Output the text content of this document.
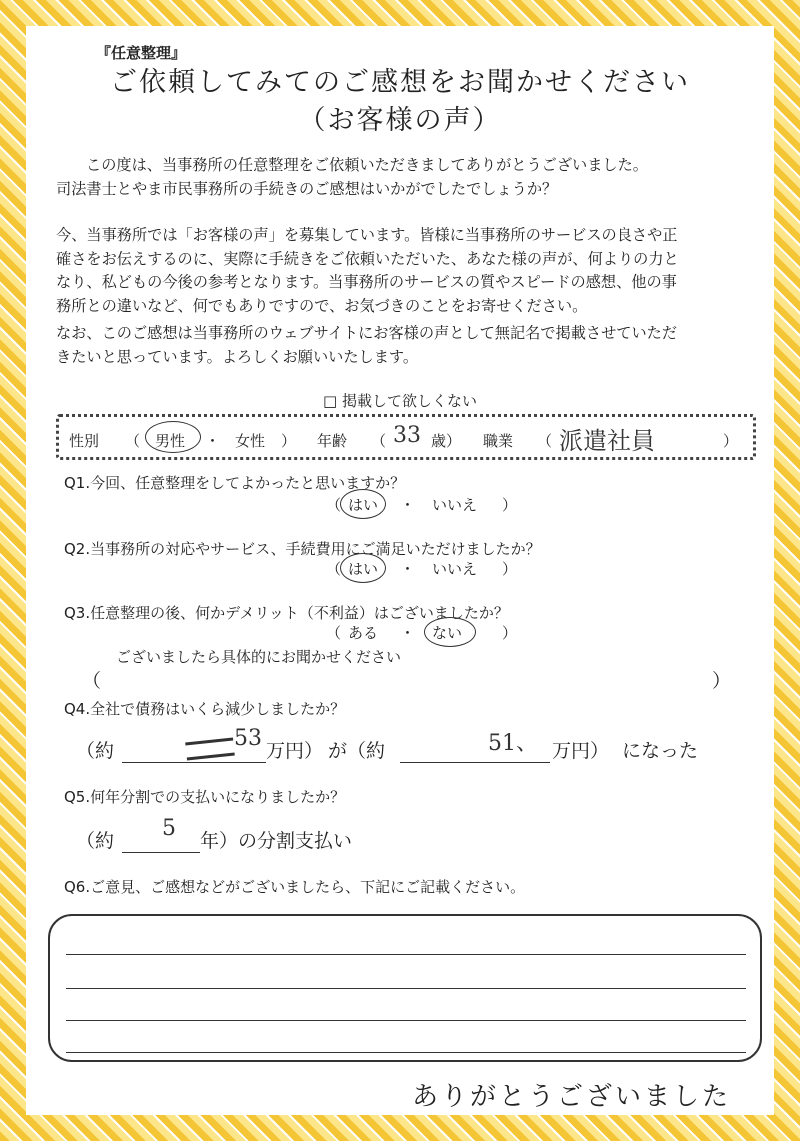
『任意整理』
ご依頼してみてのご感想をお聞かせください
（お客様の声）
この度は、当事務所の任意整理をご依頼いただきましてありがとうございました。
司法書士とやま市民事務所の手続きのご感想はいかがでしたでしょうか？
今、当事務所では「お客様の声」を募集しています。皆様に当事務所のサービスの良さや正
確さをお伝えするのに、実際に手続きをご依頼いただいた、あなた様の声が、何よりの力と
なり、私どもの今後の参考となります。当事務所のサービスの質やスピードの感想、他の事
務所との違いなど、何でもありですので、お気づきのことをお寄せください。
なお、このご感想は当事務所のウェブサイトにお客様の声として無記名で掲載させていただ
きたいと思っています。よろしくお願いいたします。
□ 掲載して欲しくない
性別 （ 男性 ・ 女性 ） 年齢 （ 33 歳） 職業 （ 派遣社員	）
Q1.今回、任意整理をしてよかったと思いますか？
（ はい ・ いいえ ）
Q2.当事務所の対応やサービス、手続費用にご満足いただけましたか？
（ はい ・ いいえ ）
Q3.任意整理の後、何かデメリット（不利益）はございましたか？
（ ある ・ ない	）
ございましたら具体的にお聞かせください
（	）
Q4.全社で債務はいくら減少しましたか？
（約	53 万円） が（約	51、 万円） になった
Q5.何年分割での支払いになりましたか？
（約 5 年）の分割支払い
Q6.ご意見、ご感想などがございましたら、下記にご記載ください。
ありがとうございました
